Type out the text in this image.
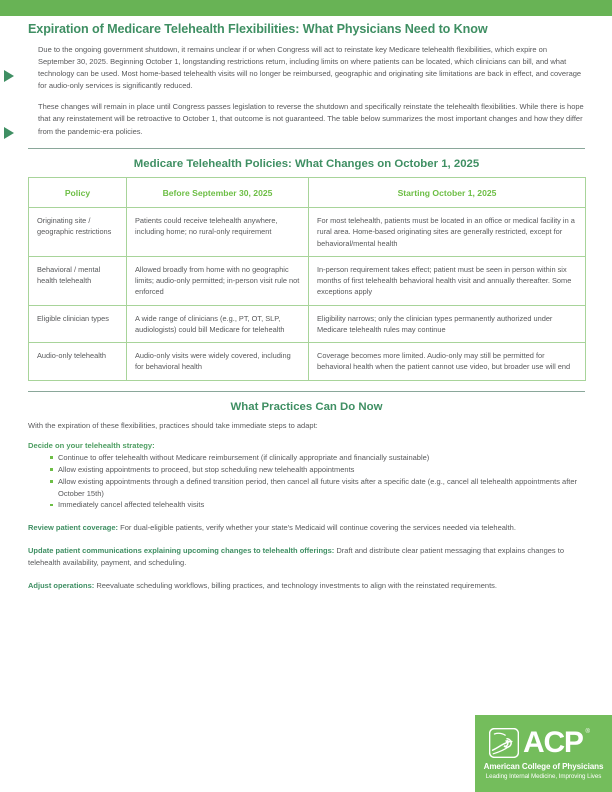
Expiration of Medicare Telehealth Flexibilities: What Physicians Need to Know

Due to the ongoing government shutdown, it remains unclear if or when Congress will act to reinstate key Medicare telehealth flexibilities, which expire on September 30, 2025. Beginning October 1, longstanding restrictions return, including limits on where patients can be located, which clinicians can bill, and what technology can be used. Most home-based telehealth visits will no longer be reimbursed, geographic and originating site limitations are back in effect, and coverage for audio-only services is significantly reduced.

These changes will remain in place until Congress passes legislation to reverse the shutdown and specifically reinstate the telehealth flexibilities. While there is hope that any reinstatement will be retroactive to October 1, that outcome is not guaranteed. The table below summarizes the most important changes and how they differ from the pandemic-era policies.

Medicare Telehealth Policies: What Changes on October 1, 2025
Policy	Before September 30, 2025	Starting October 1, 2025
Originating site / geographic restrictions	Patients could receive telehealth anywhere, including home; no rural-only requirement	For most telehealth, patients must be located in an office or medical facility in a rural area. Home-based originating sites are generally restricted, except for behavioral/mental health
Behavioral / mental health telehealth	Allowed broadly from home with no geographic limits; audio-only permitted; in-person visit rule not enforced	In-person requirement takes effect; patient must be seen in person within six months of first telehealth behavioral health visit and annually thereafter. Some exceptions apply
Eligible clinician types	A wide range of clinicians (e.g., PT, OT, SLP, audiologists) could bill Medicare for telehealth	Eligibility narrows; only the clinician types permanently authorized under Medicare telehealth rules may continue
Audio-only telehealth	Audio-only visits were widely covered, including for behavioral health	Coverage becomes more limited. Audio-only may still be permitted for behavioral health when the patient cannot use video, but broader use will end
What Practices Can Do Now

With the expiration of these flexibilities, practices should take immediate steps to adapt:

Decide on your telehealth strategy:
Continue to offer telehealth without Medicare reimbursement (if clinically appropriate and financially sustainable)
Allow existing appointments to proceed, but stop scheduling new telehealth appointments
Allow existing appointments through a defined transition period, then cancel all future visits after a specific date (e.g., cancel all telehealth appointments after October 15th)
Immediately cancel affected telehealth visits

Review patient coverage: For dual-eligible patients, verify whether your state's Medicaid will continue covering the services needed via telehealth.

Update patient communications explaining upcoming changes to telehealth offerings: Draft and distribute clear patient messaging that explains changes to telehealth availability, payment, and scheduling.

Adjust operations: Reevaluate scheduling workflows, billing practices, and technology investments to align with the reinstated requirements.

ACP ®
American College of Physicians
Leading Internal Medicine, Improving Lives
